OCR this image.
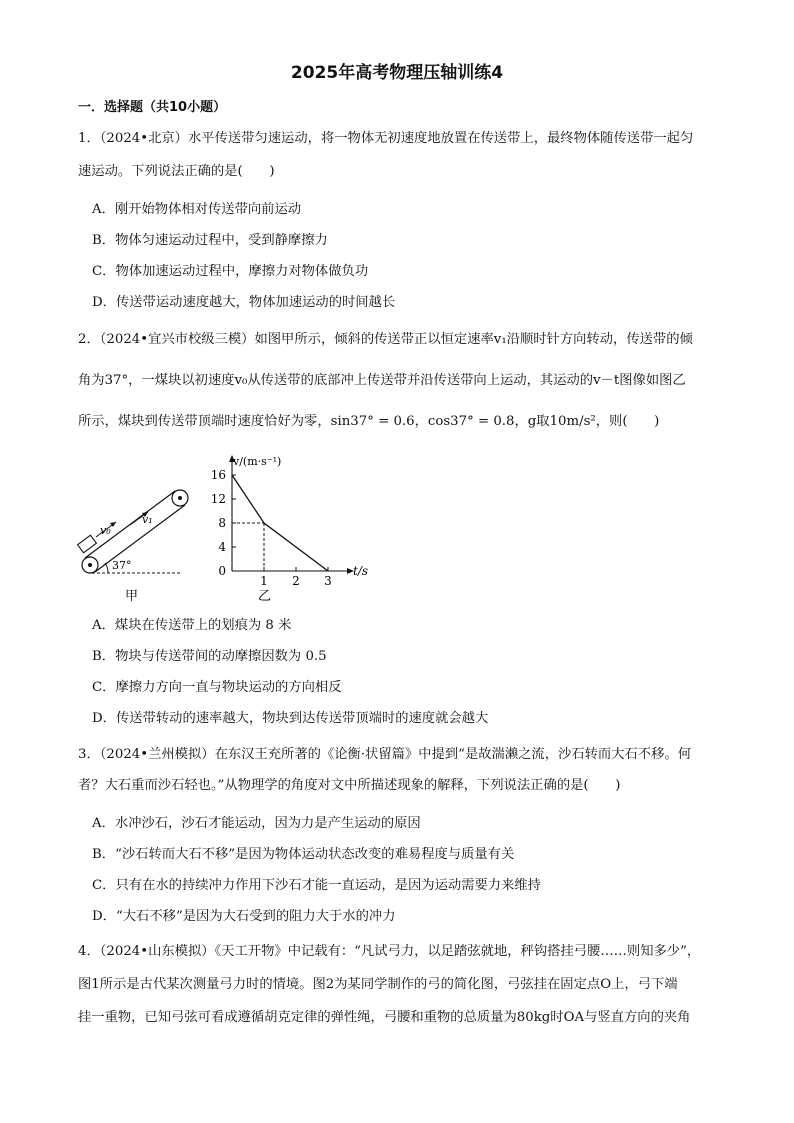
2025年高考物理压轴训练4
一．选择题（共10小题）
1．（2024•北京）水平传送带匀速运动，将一物体无初速度地放置在传送带上，最终物体随传送带一起匀
速运动。下列说法正确的是(　　)
A．刚开始物体相对传送带向前运动
B．物体匀速运动过程中，受到静摩擦力
C．物体加速运动过程中，摩擦力对物体做负功
D．传送带运动速度越大，物体加速运动的时间越长
2．（2024•宜兴市校级三模）如图甲所示，倾斜的传送带正以恒定速率v₁沿顺时针方向转动，传送带的倾
角为37°，一煤块以初速度v₀从传送带的底部冲上传送带并沿传送带向上运动，其运动的v－t图像如图乙
所示，煤块到传送带顶端时速度恰好为零，sin37° = 0.6，cos37° = 0.8，g取10m/s²，则(　　)
v₀
v₁
37°
甲
0
4
8
12
16
1 2 3
v/(m·s⁻¹)
t/s
乙
A．煤块在传送带上的划痕为 8 米
B．物块与传送带间的动摩擦因数为 0.5
C．摩擦力方向一直与物块运动的方向相反
D．传送带转动的速率越大，物块到达传送带顶端时的速度就会越大
3．（2024•兰州模拟）在东汉王充所著的《论衡·状留篇》中提到“是故湍濑之流，沙石转而大石不移。何
者？大石重而沙石轻也。”从物理学的角度对文中所描述现象的解释，下列说法正确的是(　　)
A．水冲沙石，沙石才能运动，因为力是产生运动的原因
B．“沙石转而大石不移”是因为物体运动状态改变的难易程度与质量有关
C．只有在水的持续冲力作用下沙石才能一直运动，是因为运动需要力来维持
D．“大石不移”是因为大石受到的阻力大于水的冲力
4．（2024•山东模拟）《天工开物》中记载有：“凡试弓力，以足踏弦就地，秤钩搭挂弓腰……则知多少”，
图1所示是古代某次测量弓力时的情境。图2为某同学制作的弓的简化图，弓弦挂在固定点O上，弓下端
挂一重物，已知弓弦可看成遵循胡克定律的弹性绳，弓腰和重物的总质量为80kg时OA与竖直方向的夹角
